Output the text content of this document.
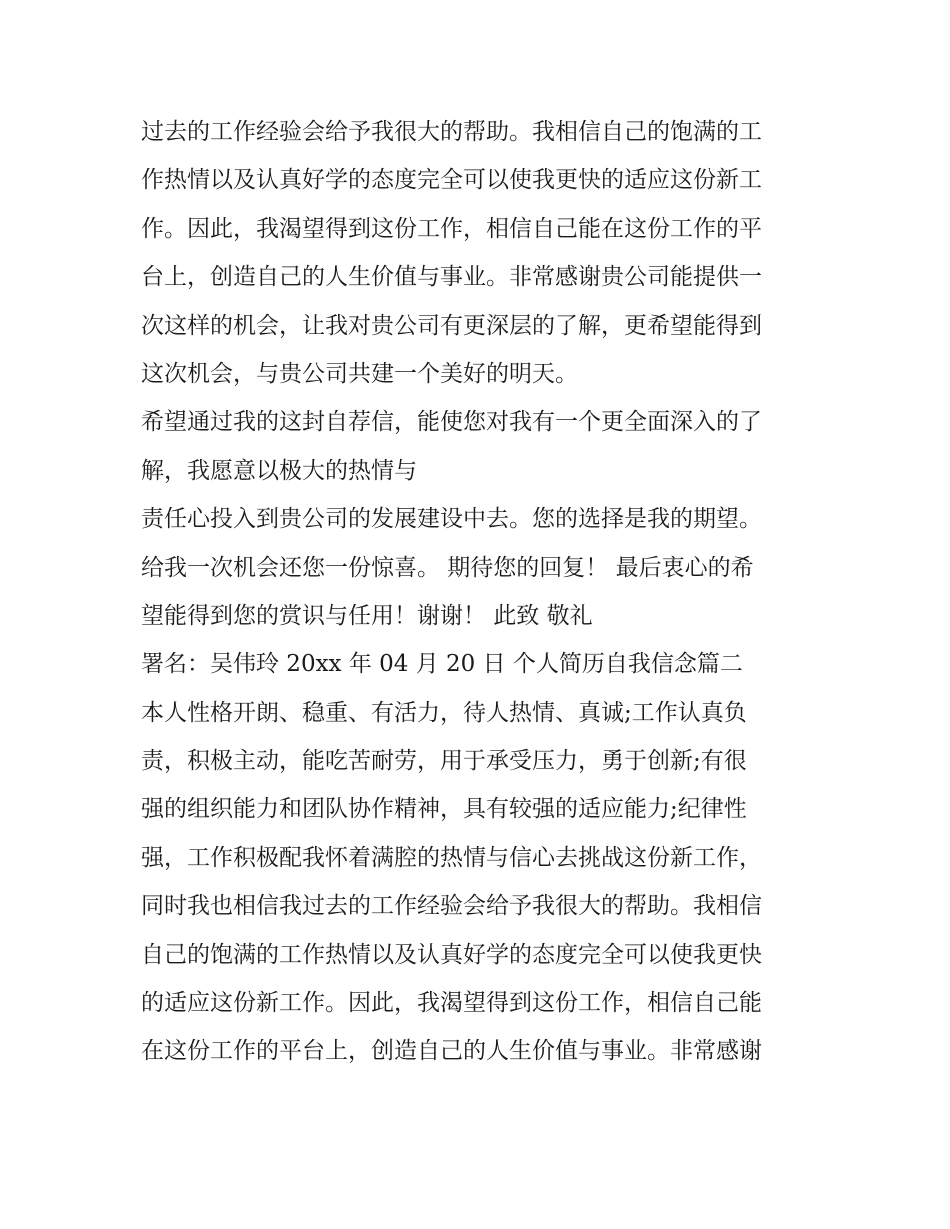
过去的工作经验会给予我很大的帮助。我相信自己的饱满的工
作热情以及认真好学的态度完全可以使我更快的适应这份新工
作。因此，我渴望得到这份工作，相信自己能在这份工作的平
台上，创造自己的人生价值与事业。非常感谢贵公司能提供一
次这样的机会，让我对贵公司有更深层的了解，更希望能得到
这次机会，与贵公司共建一个美好的明天。
希望通过我的这封自荐信，能使您对我有一个更全面深入的了
解，我愿意以极大的热情与
责任心投入到贵公司的发展建设中去。您的选择是我的期望。
给我一次机会还您一份惊喜。 期待您的回复！ 最后衷心的希
望能得到您的赏识与任用！谢谢！ 此致 敬礼
署名：吴伟玲 20xx 年 04 月 20 日 个人简历自我信念篇二
本人性格开朗、稳重、有活力，待人热情、真诚;工作认真负
责，积极主动，能吃苦耐劳，用于承受压力，勇于创新;有很
强的组织能力和团队协作精神，具有较强的适应能力;纪律性
强，工作积极配我怀着满腔的热情与信心去挑战这份新工作，
同时我也相信我过去的工作经验会给予我很大的帮助。我相信
自己的饱满的工作热情以及认真好学的态度完全可以使我更快
的适应这份新工作。因此，我渴望得到这份工作，相信自己能
在这份工作的平台上，创造自己的人生价值与事业。非常感谢
